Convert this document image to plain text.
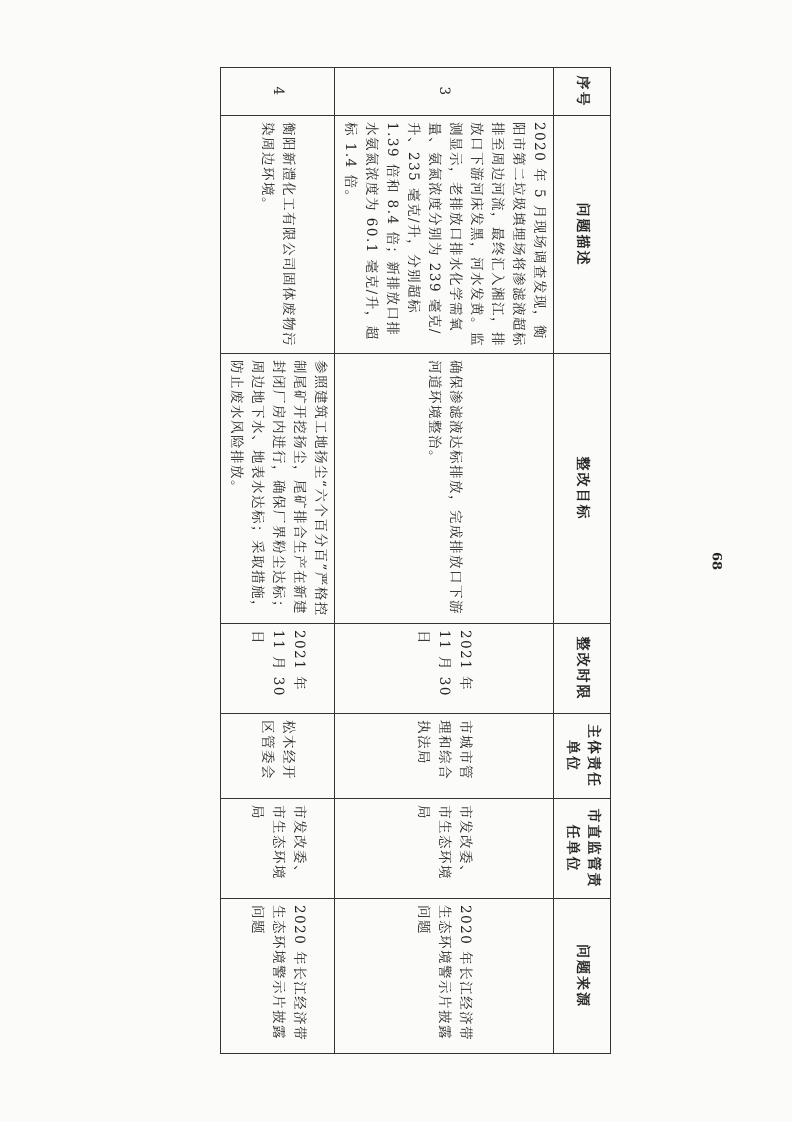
序号	问题描述	整改目标	整改时限	主体责任单位	市直监管责任单位	问题来源
3	2020 年 5 月现场调查发现，衡阳市第二垃圾填埋场将渗滤液超标排至周边河流，最终汇入湘江，排放口下游河床发黑，河水发黄。监测显示，老排放口排水化学需氧量、氨氮浓度分别为 239 毫克/升、235 毫克/升，分别超标 1.39 倍和 8.4 倍；新排放口排水氨氮浓度为 60.1 毫克/升，超标 1.4 倍。	确保渗滤液达标排放，完成排放口下游河道环境整治。	2021 年 11 月 30 日	市城市管理和综合执法局	市发改委、市生态环境局	2020 年长江经济带生态环境警示片披露问题
4	衡阳新澧化工有限公司固体废物污染周边环境。	参照建筑工地扬尘“六个百分百”严格控制尾矿开挖扬尘，尾矿排合生产在新建封闭厂房内进行，确保厂界粉尘达标；周边地下水、地表水达标；采取措施，防止废水风险排放。	2021 年 11 月 30 日	松木经开区管委会	市发改委、市生态环境局	2020 年长江经济带生态环境警示片披露问题
68
